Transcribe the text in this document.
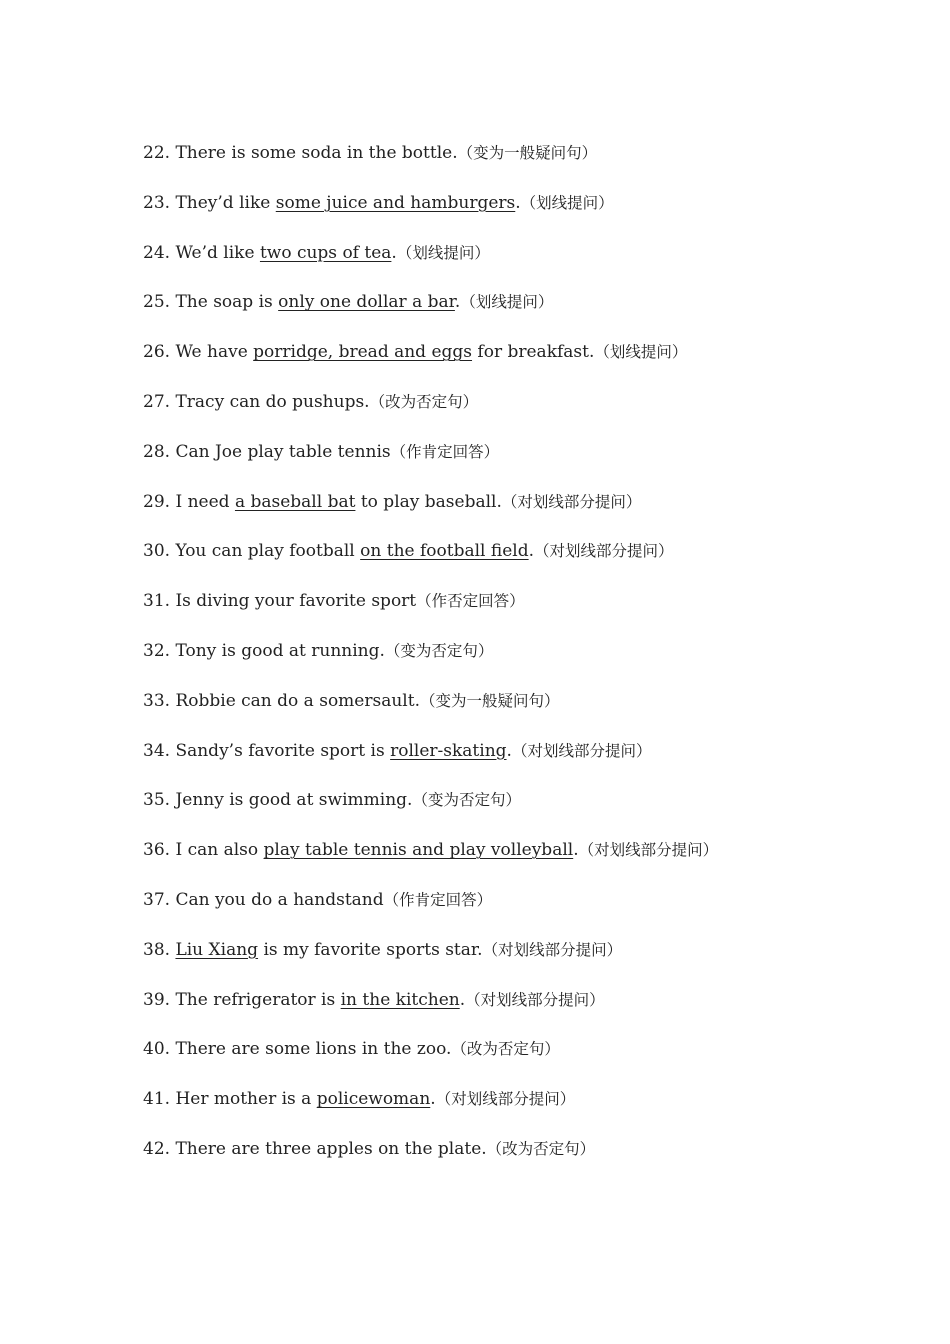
22. There is some soda in the bottle.（变为一般疑问句）
23. They’d like some juice and hamburgers.（划线提问）
24. We’d like two cups of tea.（划线提问）
25. The soap is only one dollar a bar.（划线提问）
26. We have porridge, bread and eggs for breakfast.（划线提问）
27. Tracy can do pushups.（改为否定句）
28. Can Joe play table tennis（作肯定回答）
29. I need a baseball bat to play baseball.（对划线部分提问）
30. You can play football on the football field.（对划线部分提问）
31. Is diving your favorite sport（作否定回答）
32. Tony is good at running.（变为否定句）
33. Robbie can do a somersault.（变为一般疑问句）
34. Sandy’s favorite sport is roller-skating.（对划线部分提问）
35. Jenny is good at swimming.（变为否定句）
36. I can also play table tennis and play volleyball.（对划线部分提问）
37. Can you do a handstand（作肯定回答）
38. Liu Xiang is my favorite sports star.（对划线部分提问）
39. The refrigerator is in the kitchen.（对划线部分提问）
40. There are some lions in the zoo.（改为否定句）
41. Her mother is a policewoman.（对划线部分提问）
42. There are three apples on the plate.（改为否定句）
